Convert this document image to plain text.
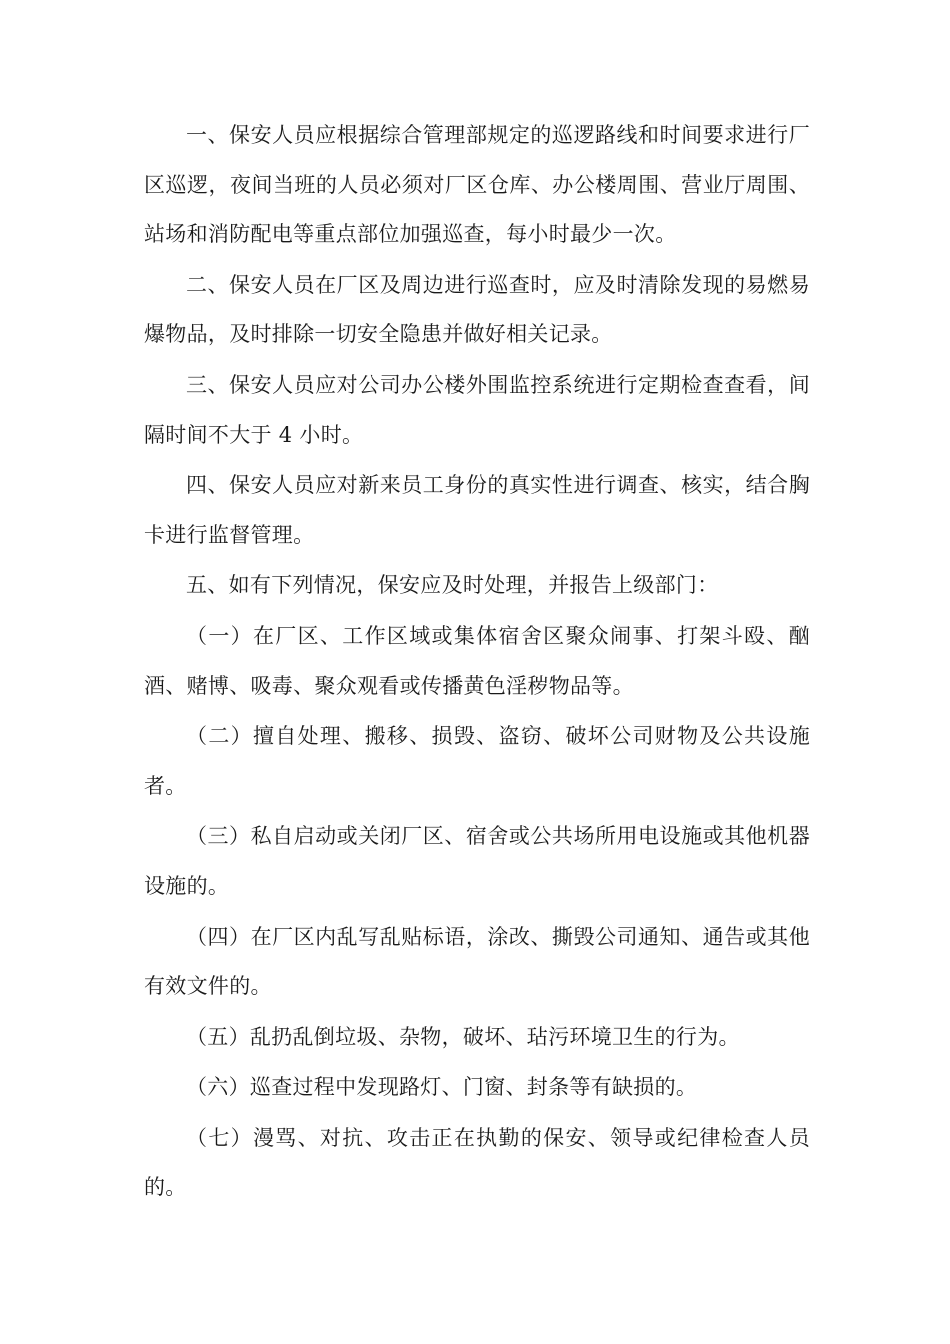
一、保安人员应根据综合管理部规定的巡逻路线和时间要求进行厂区巡逻，夜间当班的人员必须对厂区仓库、办公楼周围、营业厅周围、站场和消防配电等重点部位加强巡查，每小时最少一次。

二、保安人员在厂区及周边进行巡查时，应及时清除发现的易燃易爆物品，及时排除一切安全隐患并做好相关记录。

三、保安人员应对公司办公楼外围监控系统进行定期检查查看，间隔时间不大于 4 小时。

四、保安人员应对新来员工身份的真实性进行调查、核实，结合胸卡进行监督管理。

五、如有下列情况，保安应及时处理，并报告上级部门：

（一）在厂区、工作区域或集体宿舍区聚众闹事、打架斗殴、酗酒、赌博、吸毒、聚众观看或传播黄色淫秽物品等。

（二）擅自处理、搬移、损毁、盗窃、破坏公司财物及公共设施者。

（三）私自启动或关闭厂区、宿舍或公共场所用电设施或其他机器设施的。

（四）在厂区内乱写乱贴标语，涂改、撕毁公司通知、通告或其他有效文件的。

（五）乱扔乱倒垃圾、杂物，破坏、玷污环境卫生的行为。

（六）巡查过程中发现路灯、门窗、封条等有缺损的。

（七）漫骂、对抗、攻击正在执勤的保安、领导或纪律检查人员的。
